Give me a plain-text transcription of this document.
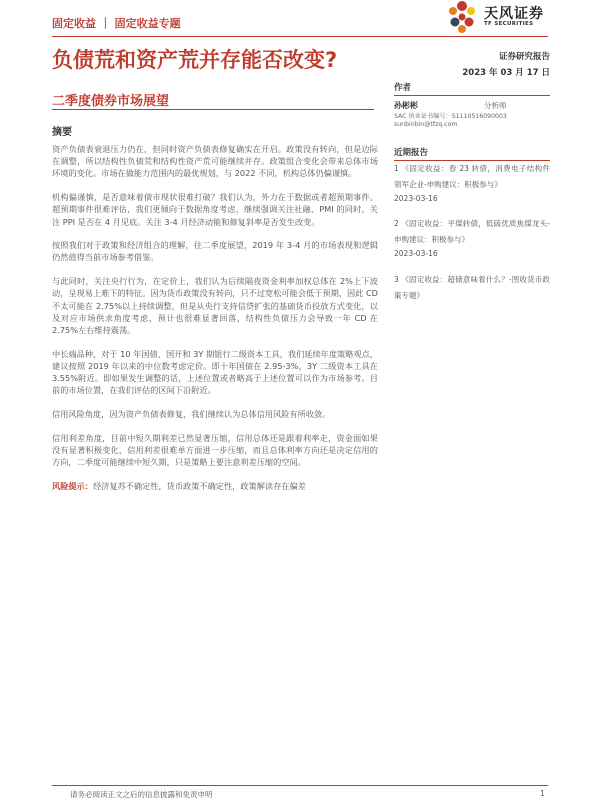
固定收益 ｜ 固定收益专题
天风证券
TF SECURITIES
负债荒和资产荒并存能否改变?
二季度债券市场展望
摘要

资产负债表衰退压力仍在，但同时资产负债表修复确实在开启。政策没有转向，但是边际在调整，所以结构性负债荒和结构性资产荒可能继续并存。政策组合变化会带来总体市场环境的变化。市场在做能力范围内的最优规划，与 2022 不同，机构总体仍偏谨慎。

机构偏谨慎，是否意味着债市现状很难打破？我们认为，外力在于数据或者超预期事件。超预期事件很难评估，我们更倾向于数据角度考虑，继续强调关注社融、PMI 的同时，关注 PPI 是否在 4 月见底。关注 3-4 月经济动能和修复斜率是否发生改变。

按照我们对于政策和经济组合的理解，往二季度展望，2019 年 3-4 月的市场表现和逻辑仍然值得当前市场参考借鉴。

与此同时，关注央行行为，在定价上，我们认为后续隔夜资金利率加权总体在 2%上下波动，呈现易上难下的特征。因为货币政策没有转向，只不过宽松可能会低于预期，因此 CD 不太可能在 2.75%以上持续调整，但是从央行支持信贷扩张的基础货币投放方式变化，以及对应市场供求角度考虑，预计也很难显著回落，结构性负债压力会导致一年 CD 在 2.75%左右维持震荡。

中长端品种，对于 10 年国债、国开和 3Y 期银行二级资本工具，我们延续年度策略观点，建议按照 2019 年以来的中位数考虑定价。即十年国债在 2.95-3%，3Y 二级资本工具在 3.55%附近。即如果发生调整的话，上述位置或者略高于上述位置可以作为市场参考。目前的市场位置，在我们评估的区间下沿附近。

信用风险角度，因为资产负债表修复，我们继续认为总体信用风险有所收敛。

信用利差角度，目前中短久期利差已然显著压缩，信用总体还是跟着利率走，资金面如果没有显著积极变化，信用利差很难单方面进一步压缩，而且总体利率方向还是决定信用的方向，二季度可能继续中短久期，只是策略上要注意利差压缩的空间。

风险提示：经济复苏不确定性，货币政策不确定性，政策解读存在偏差

证券研究报告
2023 年 03 月 17 日
作者
孙彬彬	分析师
SAC 执业证书编号：S1110516090003
sunbinbin@tfzq.com
近期报告
1 《固定收益：春 23 转债，消费电子结构件领军企业-申购建议：积极参与》
2023-03-16
2 《固定收益：平煤转债，低硫优质焦煤龙头-申购建议：积极参与》
2023-03-16
3 《固定收益：超储意味着什么？-图收货币政策专题》
请务必阅读正文之后的信息披露和免责申明	1
